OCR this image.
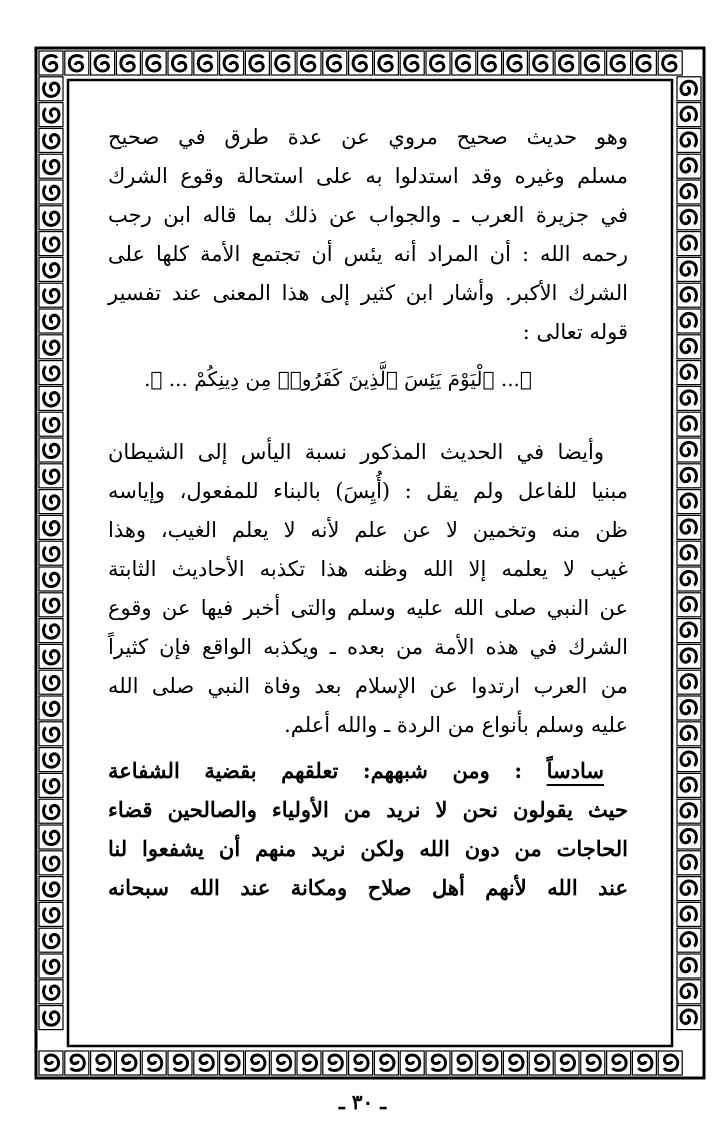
وهو حديث صحيح مروي عن عدة طرق في صحيح
مسلم وغيره وقد استدلوا به على استحالة وقوع الشرك
في جزيرة العرب ـ والجواب عن ذلك بما قاله ابن رجب
رحمه الله : أن المراد أنه يئس أن تجتمع الأمة كلها على
الشرك الأكبر. وأشار ابن كثير إلى هذا المعنى عند تفسير
قوله تعالى :
﴿... ٱلْيَوْمَ يَئِسَ ٱلَّذِينَ كَفَرُوا۟ مِن دِينِكُمْ ... ﴾.
وأيضا في الحديث المذكور نسبة اليأس إلى الشيطان
مبنيا للفاعل ولم يقل : (أُيِسَ) بالبناء للمفعول، وإياسه
ظن منه وتخمين لا عن علم لأنه لا يعلم الغيب، وهذا
غيب لا يعلمه إلا الله وظنه هذا تكذبه الأحاديث الثابتة
عن النبي صلى الله عليه وسلم والتى أخبر فيها عن وقوع
الشرك في هذه الأمة من بعده ـ ويكذبه الواقع فإن كثيراً
من العرب ارتدوا عن الإسلام بعد وفاة النبي صلى الله
عليه وسلم بأنواع من الردة ـ والله أعلم.
سادساً : ومن شبههم: تعلقهم بقضية الشفاعة
حيث يقولون نحن لا نريد من الأولياء والصالحين قضاء
الحاجات من دون الله ولكن نريد منهم أن يشفعوا لنا
عند الله لأنهم أهل صلاح ومكانة عند الله سبحانه
ـ ٣٠ ـ
